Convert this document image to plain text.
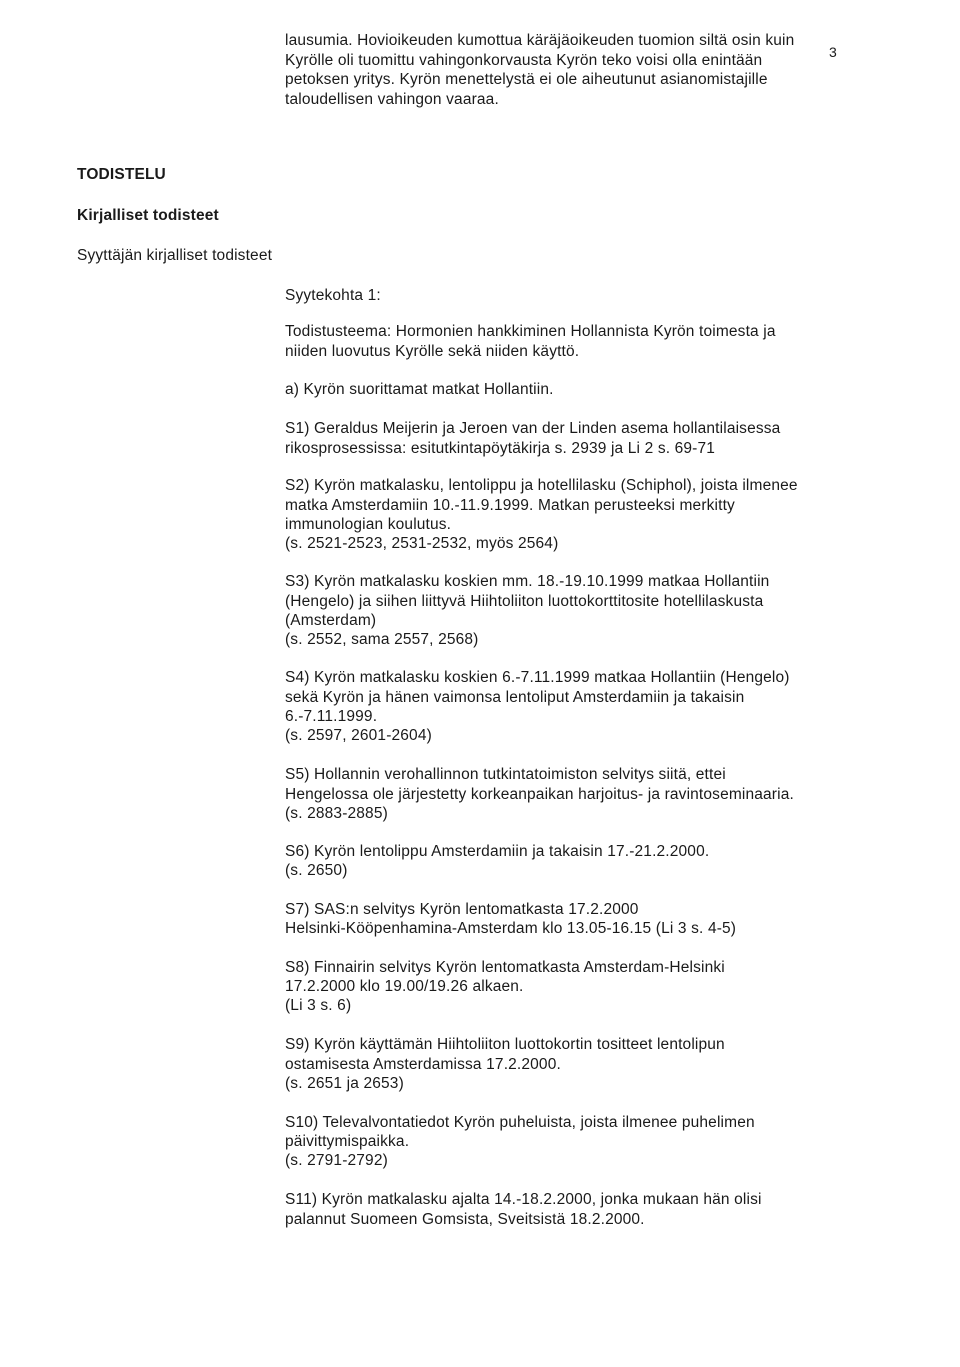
3
lausumia. Hovioikeuden kumottua käräjäoikeuden tuomion siltä osin kuin
Kyrölle oli tuomittu vahingonkorvausta Kyrön teko voisi olla enintään
petoksen yritys. Kyrön menettelystä ei ole aiheutunut asianomistajille
taloudellisen vahingon vaaraa.
TODISTELU
Kirjalliset todisteet
Syyttäjän kirjalliset todisteet
Syytekohta 1:
Todistusteema: Hormonien hankkiminen Hollannista Kyrön toimesta ja
niiden luovutus Kyrölle sekä niiden käyttö.
a) Kyrön suorittamat matkat Hollantiin.
S1) Geraldus Meijerin ja Jeroen van der Linden asema hollantilaisessa
rikosprosessissa: esitutkintapöytäkirja s. 2939 ja Li 2 s. 69-71
S2) Kyrön matkalasku, lentolippu ja hotellilasku (Schiphol), joista ilmenee
matka Amsterdamiin 10.-11.9.1999. Matkan perusteeksi merkitty
immunologian koulutus.
(s. 2521-2523, 2531-2532, myös 2564)
S3) Kyrön matkalasku koskien mm. 18.-19.10.1999 matkaa Hollantiin
(Hengelo) ja siihen liittyvä Hiihtoliiton luottokorttitosite hotellilaskusta
(Amsterdam)
(s. 2552, sama 2557, 2568)
S4) Kyrön matkalasku koskien 6.-7.11.1999 matkaa Hollantiin (Hengelo)
sekä Kyrön ja hänen vaimonsa lentoliput Amsterdamiin ja takaisin
6.-7.11.1999.
(s. 2597, 2601-2604)
S5) Hollannin verohallinnon tutkintatoimiston selvitys siitä, ettei
Hengelossa ole järjestetty korkeanpaikan harjoitus- ja ravintoseminaaria.
(s. 2883-2885)
S6) Kyrön lentolippu Amsterdamiin ja takaisin 17.-21.2.2000.
(s. 2650)
S7) SAS:n selvitys Kyrön lentomatkasta 17.2.2000
Helsinki-Kööpenhamina-Amsterdam klo 13.05-16.15 (Li 3 s. 4-5)
S8) Finnairin selvitys Kyrön lentomatkasta Amsterdam-Helsinki
17.2.2000 klo 19.00/19.26 alkaen.
(Li 3 s. 6)
S9) Kyrön käyttämän Hiihtoliiton luottokortin tositteet lentolipun
ostamisesta Amsterdamissa 17.2.2000.
(s. 2651 ja 2653)
S10) Televalvontatiedot Kyrön puheluista, joista ilmenee puhelimen
päivittymispaikka.
(s. 2791-2792)
S11) Kyrön matkalasku ajalta 14.-18.2.2000, jonka mukaan hän olisi
palannut Suomeen Gomsista, Sveitsistä 18.2.2000.
